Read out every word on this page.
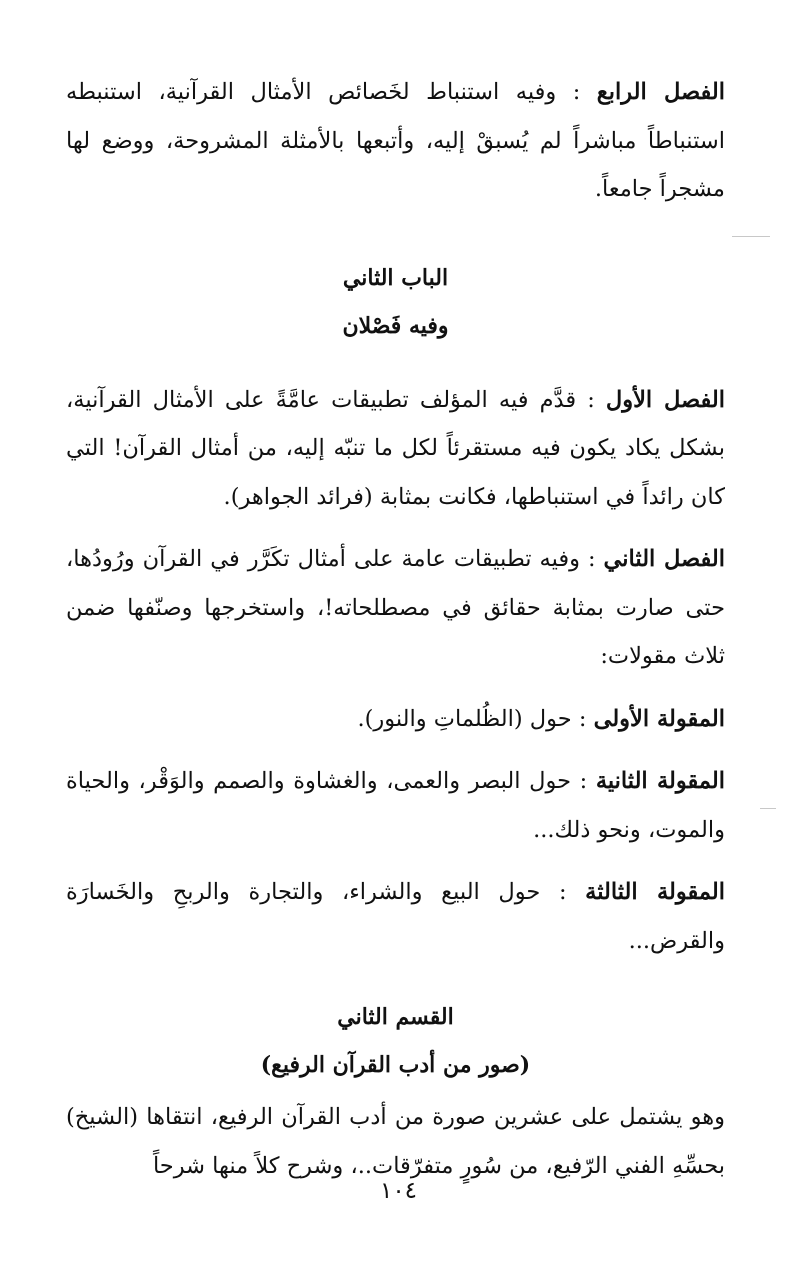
الفصل الرابع : وفيه استنباط لخَصائص الأمثال القرآنية، استنبطه استنباطاً مباشراً لم يُسبقْ إليه، وأتبعها بالأمثلة المشروحة، ووضع لها مشجراً جامعاً.

الباب الثاني

وفيه فَصْلان

الفصل الأول : قدَّم فيه المؤلف تطبيقات عامَّةً على الأمثال القرآنية، بشكل يكاد يكون فيه مستقرئاً لكل ما تنبّه إليه، من أمثال القرآن! التي كان رائداً في استنباطها، فكانت بمثابة (فرائد الجواهر).

الفصل الثاني : وفيه تطبيقات عامة على أمثال تكَرَّر في القرآن ورُودُها، حتى صارت بمثابة حقائق في مصطلحاته!، واستخرجها وصنّفها ضمن ثلاث مقولات:

المقولة الأولى : حول (الظُلماتِ والنور).

المقولة الثانية : حول البصر والعمى، والغشاوة والصمم والوَقْر، والحياة والموت، ونحو ذلك...

المقولة الثالثة : حول البيع والشراء، والتجارة والربحِ والخَسارَة والقرض...

القسم الثاني

(صور من أدب القرآن الرفيع)

وهو يشتمل على عشرين صورة من أدب القرآن الرفيع، انتقاها (الشيخ) بحسِّهِ الفني الرّفيع، من سُورٍ متفرّقات..، وشرح كلاً منها شرحاً

١٠٤
